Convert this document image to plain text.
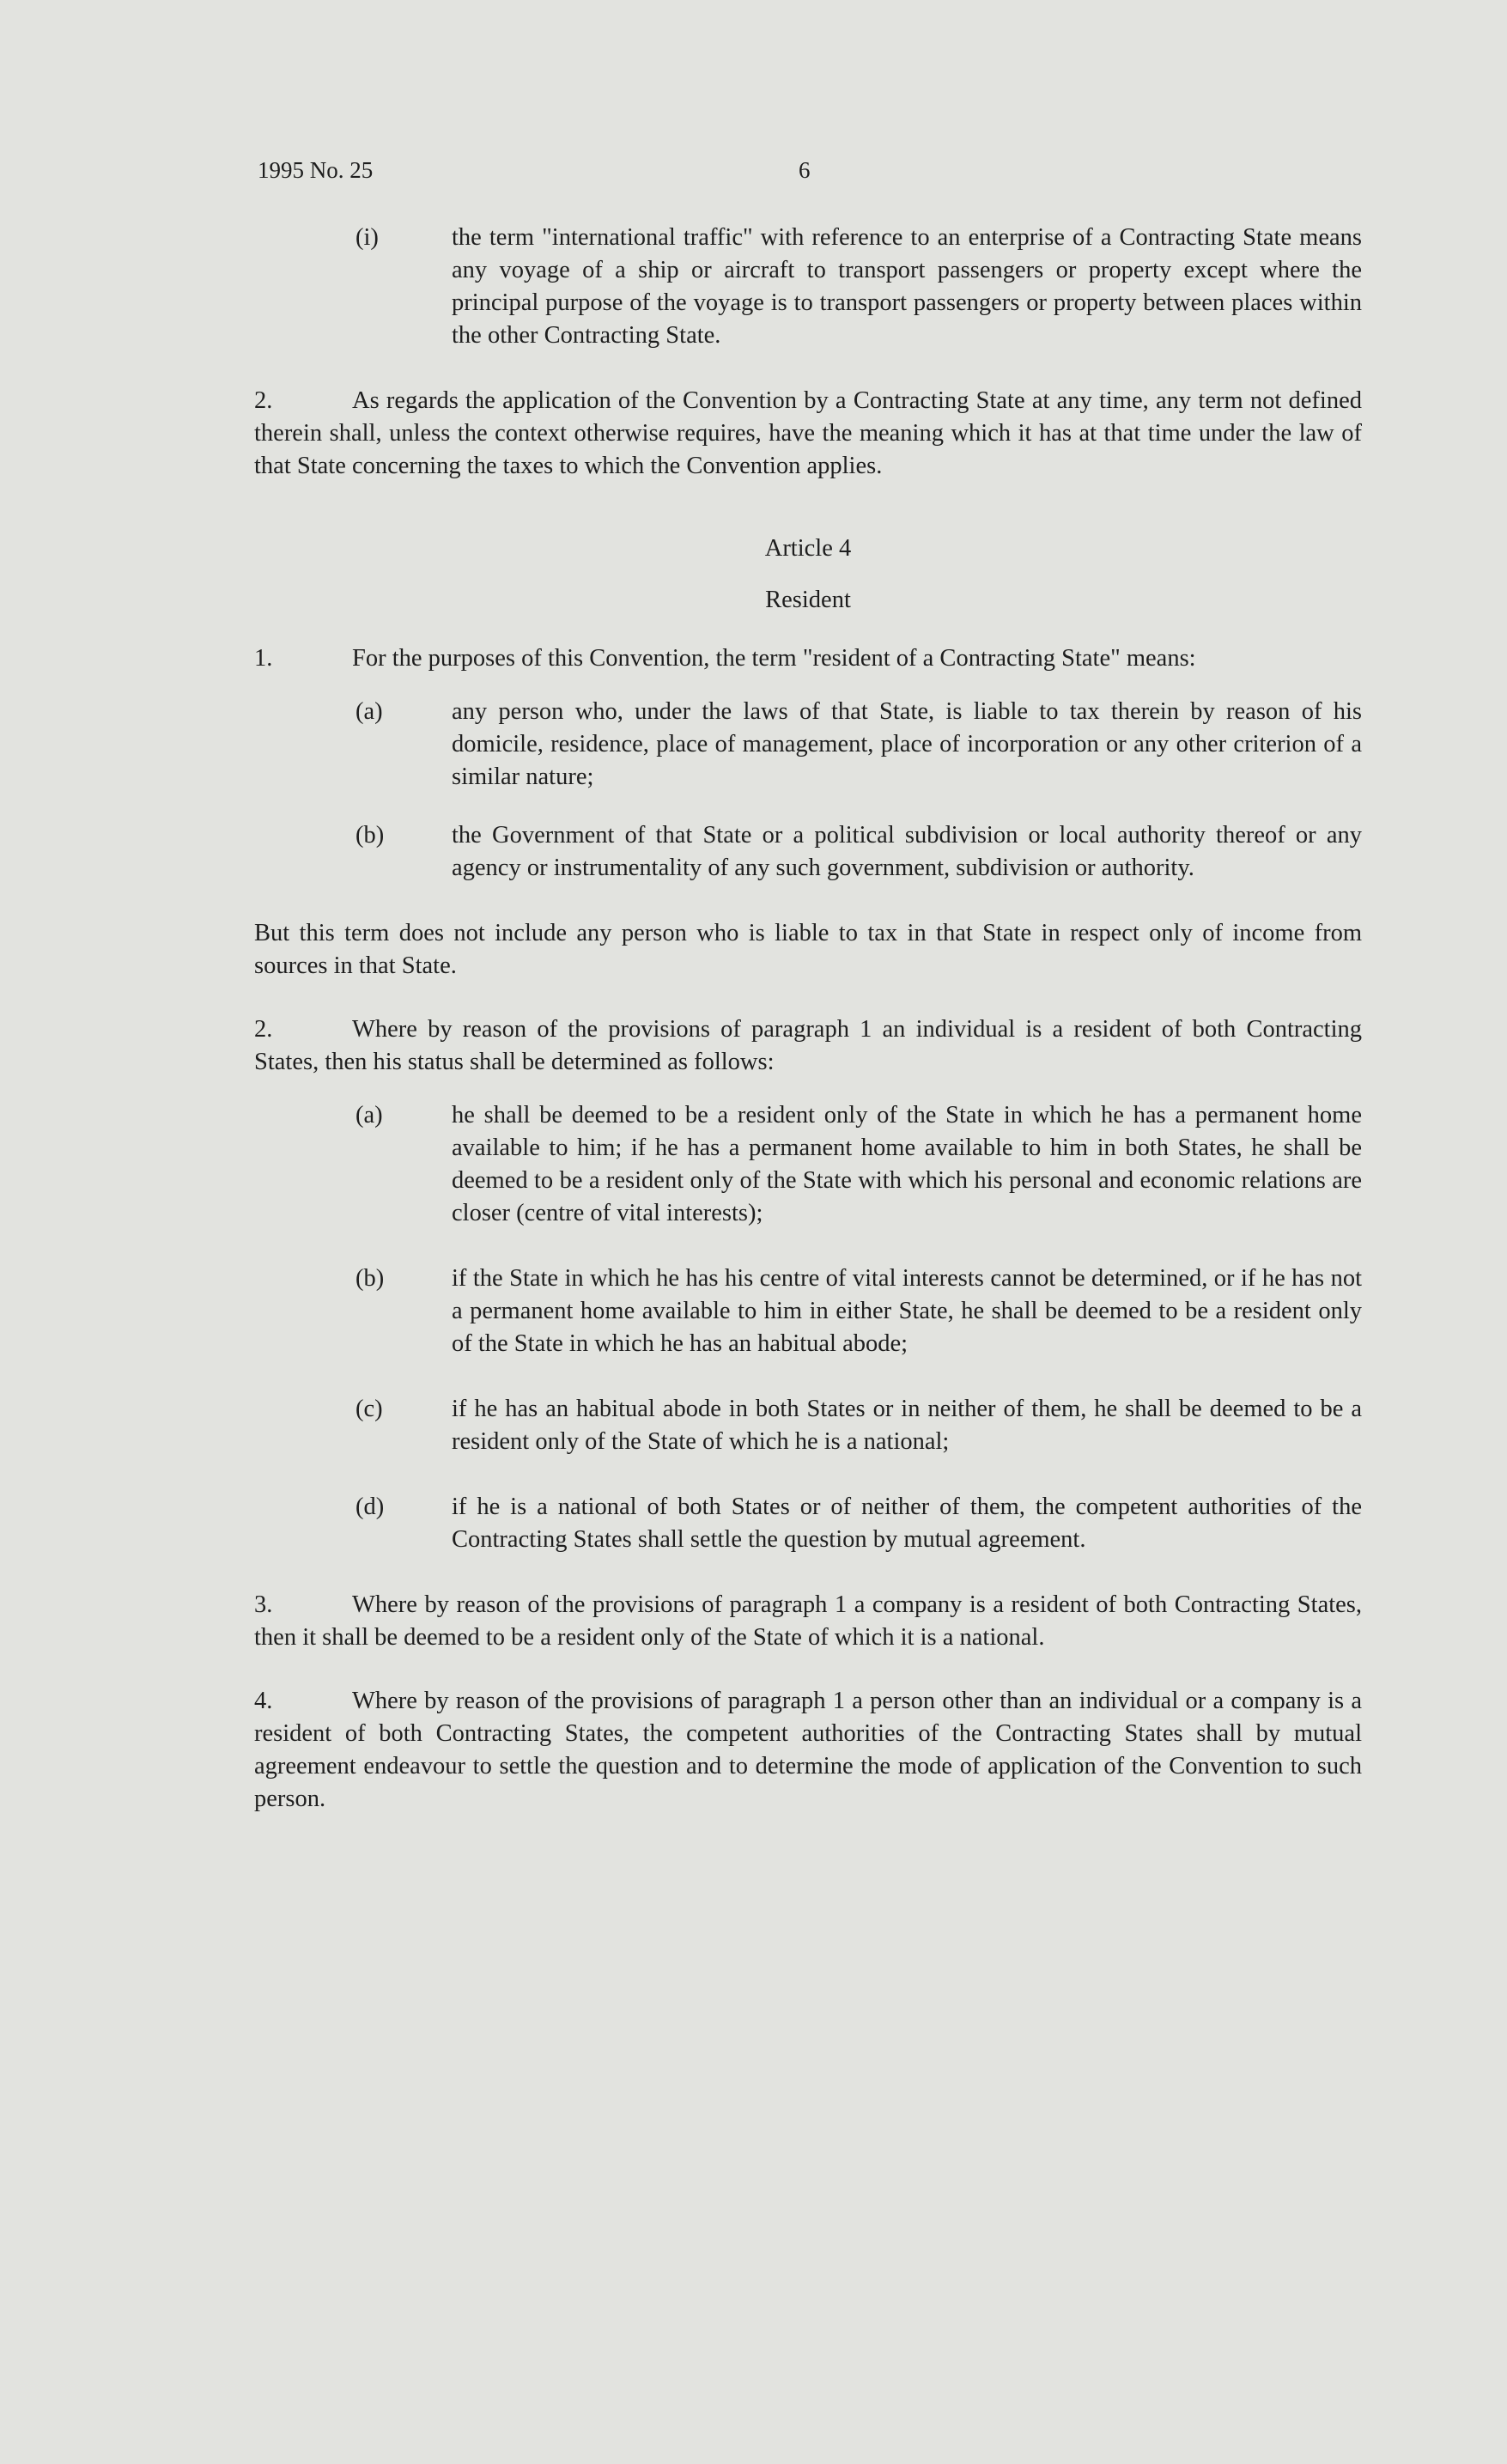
1995 No. 25	6
(i)	the term "international traffic" with reference to an enterprise of a Contracting State means any voyage of a ship or aircraft to transport passengers or property except where the principal purpose of the voyage is to transport passengers or property between places within the other Contracting State.

2.	As regards the application of the Convention by a Contracting State at any time, any term not defined therein shall, unless the context otherwise requires, have the meaning which it has at that time under the law of that State concerning the taxes to which the Convention applies.

Article 4
Resident

1.	For the purposes of this Convention, the term "resident of a Contracting State" means:

(a)	any person who, under the laws of that State, is liable to tax therein by reason of his domicile, residence, place of management, place of incorporation or any other criterion of a similar nature;
(b)	the Government of that State or a political subdivision or local authority thereof or any agency or instrumentality of any such government, subdivision or authority.

But this term does not include any person who is liable to tax in that State in respect only of income from sources in that State.

2.	Where by reason of the provisions of paragraph 1 an individual is a resident of both Contracting States, then his status shall be determined as follows:

(a)	he shall be deemed to be a resident only of the State in which he has a permanent home available to him; if he has a permanent home available to him in both States, he shall be deemed to be a resident only of the State with which his personal and economic relations are closer (centre of vital interests);
(b)	if the State in which he has his centre of vital interests cannot be determined, or if he has not a permanent home available to him in either State, he shall be deemed to be a resident only of the State in which he has an habitual abode;
(c)	if he has an habitual abode in both States or in neither of them, he shall be deemed to be a resident only of the State of which he is a national;
(d)	if he is a national of both States or of neither of them, the competent authorities of the Contracting States shall settle the question by mutual agreement.

3.	Where by reason of the provisions of paragraph 1 a company is a resident of both Contracting States, then it shall be deemed to be a resident only of the State of which it is a national.

4.	Where by reason of the provisions of paragraph 1 a person other than an individual or a company is a resident of both Contracting States, the competent authorities of the Contracting States shall by mutual agreement endeavour to settle the question and to determine the mode of application of the Convention to such person.
